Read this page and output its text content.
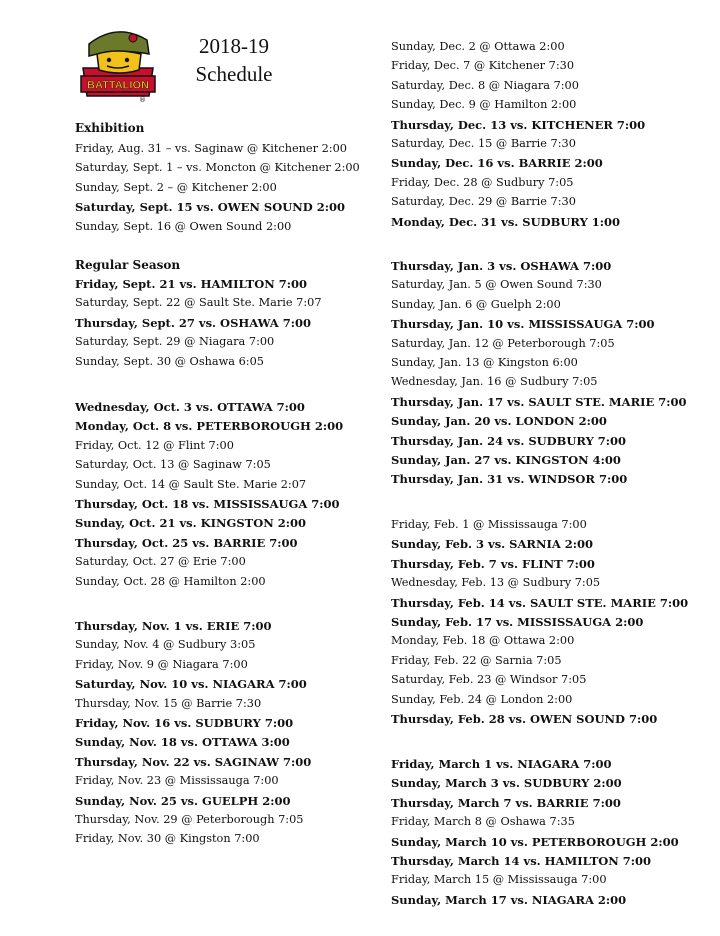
BATTALION
®
2018-19
Schedule
Exhibition
Friday, Aug. 31 – vs. Saginaw @ Kitchener 2:00
Saturday, Sept. 1 – vs. Moncton @ Kitchener 2:00
Sunday, Sept. 2 – @ Kitchener 2:00
Saturday, Sept. 15 vs. OWEN SOUND 2:00
Sunday, Sept. 16 @ Owen Sound 2:00
Regular Season
Friday, Sept. 21 vs. HAMILTON 7:00
Saturday, Sept. 22 @ Sault Ste. Marie 7:07
Thursday, Sept. 27 vs. OSHAWA 7:00
Saturday, Sept. 29 @ Niagara 7:00
Sunday, Sept. 30 @ Oshawa 6:05
Wednesday, Oct. 3 vs. OTTAWA 7:00
Monday, Oct. 8 vs. PETERBOROUGH 2:00
Friday, Oct. 12 @ Flint 7:00
Saturday, Oct. 13 @ Saginaw 7:05
Sunday, Oct. 14 @ Sault Ste. Marie 2:07
Thursday, Oct. 18 vs. MISSISSAUGA 7:00
Sunday, Oct. 21 vs. KINGSTON 2:00
Thursday, Oct. 25 vs. BARRIE 7:00
Saturday, Oct. 27 @ Erie 7:00
Sunday, Oct. 28 @ Hamilton 2:00
Thursday, Nov. 1 vs. ERIE 7:00
Sunday, Nov. 4 @ Sudbury 3:05
Friday, Nov. 9 @ Niagara 7:00
Saturday, Nov. 10 vs. NIAGARA 7:00
Thursday, Nov. 15 @ Barrie 7:30
Friday, Nov. 16 vs. SUDBURY 7:00
Sunday, Nov. 18 vs. OTTAWA 3:00
Thursday, Nov. 22 vs. SAGINAW 7:00
Friday, Nov. 23 @ Mississauga 7:00
Sunday, Nov. 25 vs. GUELPH 2:00
Thursday, Nov. 29 @ Peterborough 7:05
Friday, Nov. 30 @ Kingston 7:00
Sunday, Dec. 2 @ Ottawa 2:00
Friday, Dec. 7 @ Kitchener 7:30
Saturday, Dec. 8 @ Niagara 7:00
Sunday, Dec. 9 @ Hamilton 2:00
Thursday, Dec. 13 vs. KITCHENER 7:00
Saturday, Dec. 15 @ Barrie 7:30
Sunday, Dec. 16 vs. BARRIE 2:00
Friday, Dec. 28 @ Sudbury 7:05
Saturday, Dec. 29 @ Barrie 7:30
Monday, Dec. 31 vs. SUDBURY 1:00
Thursday, Jan. 3 vs. OSHAWA 7:00
Saturday, Jan. 5 @ Owen Sound 7:30
Sunday, Jan. 6 @ Guelph 2:00
Thursday, Jan. 10 vs. MISSISSAUGA 7:00
Saturday, Jan. 12 @ Peterborough 7:05
Sunday, Jan. 13 @ Kingston 6:00
Wednesday, Jan. 16 @ Sudbury 7:05
Thursday, Jan. 17 vs. SAULT STE. MARIE 7:00
Sunday, Jan. 20 vs. LONDON 2:00
Thursday, Jan. 24 vs. SUDBURY 7:00
Sunday, Jan. 27 vs. KINGSTON 4:00
Thursday, Jan. 31 vs. WINDSOR 7:00
Friday, Feb. 1 @ Mississauga 7:00
Sunday, Feb. 3 vs. SARNIA 2:00
Thursday, Feb. 7 vs. FLINT 7:00
Wednesday, Feb. 13 @ Sudbury 7:05
Thursday, Feb. 14 vs. SAULT STE. MARIE 7:00
Sunday, Feb. 17 vs. MISSISSAUGA 2:00
Monday, Feb. 18 @ Ottawa 2:00
Friday, Feb. 22 @ Sarnia 7:05
Saturday, Feb. 23 @ Windsor 7:05
Sunday, Feb. 24 @ London 2:00
Thursday, Feb. 28 vs. OWEN SOUND 7:00
Friday, March 1 vs. NIAGARA 7:00
Sunday, March 3 vs. SUDBURY 2:00
Thursday, March 7 vs. BARRIE 7:00
Friday, March 8 @ Oshawa 7:35
Sunday, March 10 vs. PETERBOROUGH 2:00
Thursday, March 14 vs. HAMILTON 7:00
Friday, March 15 @ Mississauga 7:00
Sunday, March 17 vs. NIAGARA 2:00
